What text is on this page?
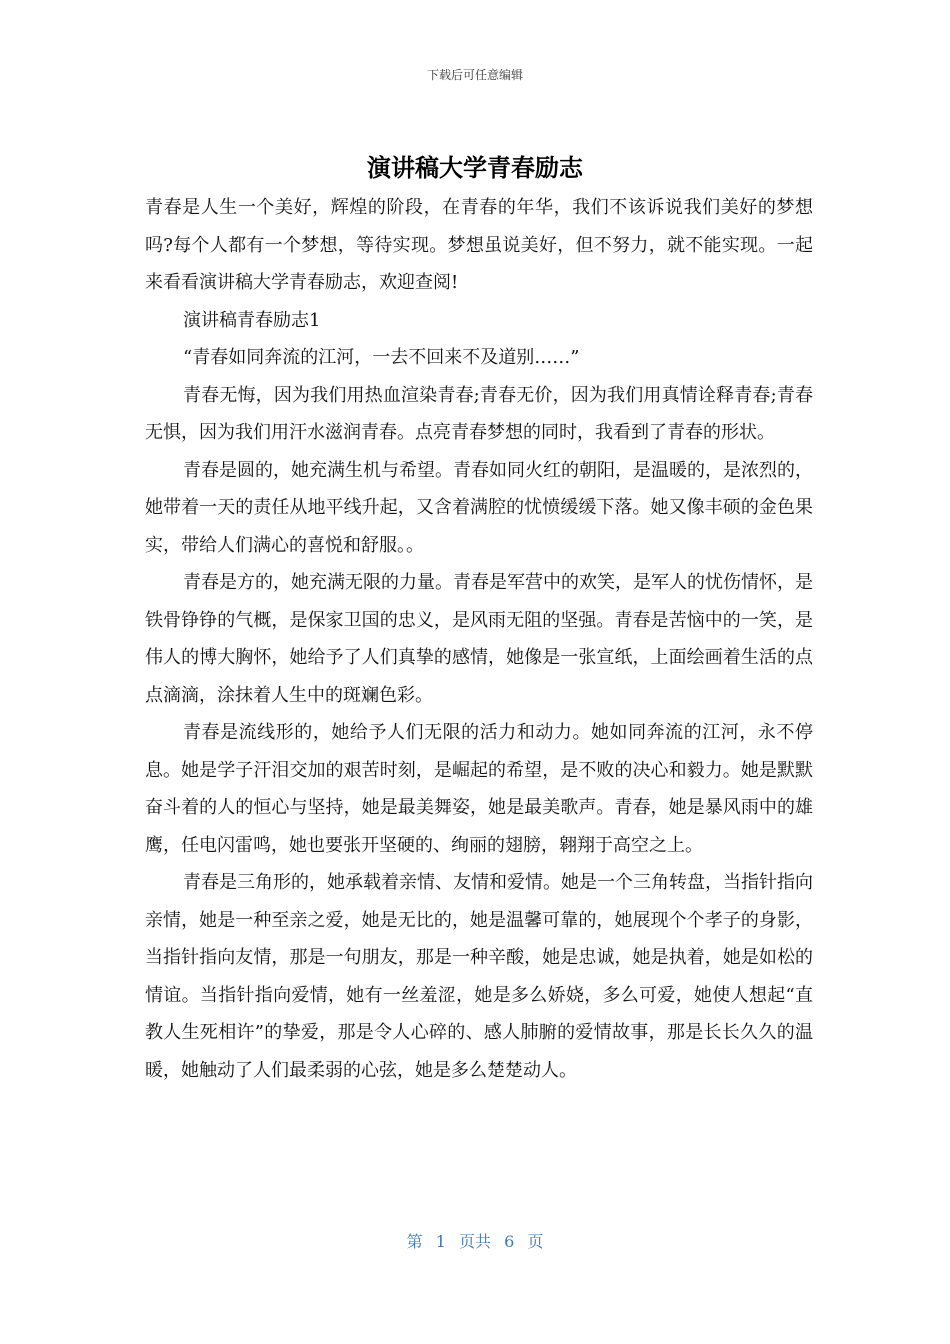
下载后可任意编辑
演讲稿大学青春励志

青春是人生一个美好，辉煌的阶段，在青春的年华，我们不该诉说我们美好的梦想吗?每个人都有一个梦想，等待实现。梦想虽说美好，但不努力，就不能实现。一起来看看演讲稿大学青春励志，欢迎查阅!

演讲稿青春励志1

“青春如同奔流的江河，一去不回来不及道别……”

青春无悔，因为我们用热血渲染青春;青春无价，因为我们用真情诠释青春;青春无惧，因为我们用汗水滋润青春。点亮青春梦想的同时，我看到了青春的形状。

青春是圆的，她充满生机与希望。青春如同火红的朝阳，是温暖的，是浓烈的，她带着一天的责任从地平线升起，又含着满腔的忧愤缓缓下落。她又像丰硕的金色果实，带给人们满心的喜悦和舒服。。

青春是方的，她充满无限的力量。青春是军营中的欢笑，是军人的忧伤情怀，是铁骨铮铮的气概，是保家卫国的忠义，是风雨无阻的坚强。青春是苦恼中的一笑，是伟人的博大胸怀，她给予了人们真挚的感情，她像是一张宣纸，上面绘画着生活的点点滴滴，涂抹着人生中的斑斓色彩。

青春是流线形的，她给予人们无限的活力和动力。她如同奔流的江河，永不停息。她是学子汗泪交加的艰苦时刻，是崛起的希望，是不败的决心和毅力。她是默默奋斗着的人的恒心与坚持，她是最美舞姿，她是最美歌声。青春，她是暴风雨中的雄鹰，任电闪雷鸣，她也要张开坚硬的、绚丽的翅膀，翱翔于高空之上。

青春是三角形的，她承载着亲情、友情和爱情。她是一个三角转盘，当指针指向亲情，她是一种至亲之爱，她是无比的，她是温馨可靠的，她展现个个孝子的身影，当指针指向友情，那是一句朋友，那是一种辛酸，她是忠诚，她是执着，她是如松的情谊。当指针指向爱情，她有一丝羞涩，她是多么娇娆，多么可爱，她使人想起“直教人生死相许”的挚爱，那是令人心碎的、感人肺腑的爱情故事，那是长长久久的温暖，她触动了人们最柔弱的心弦，她是多么楚楚动人。

第 1 页共 6 页
